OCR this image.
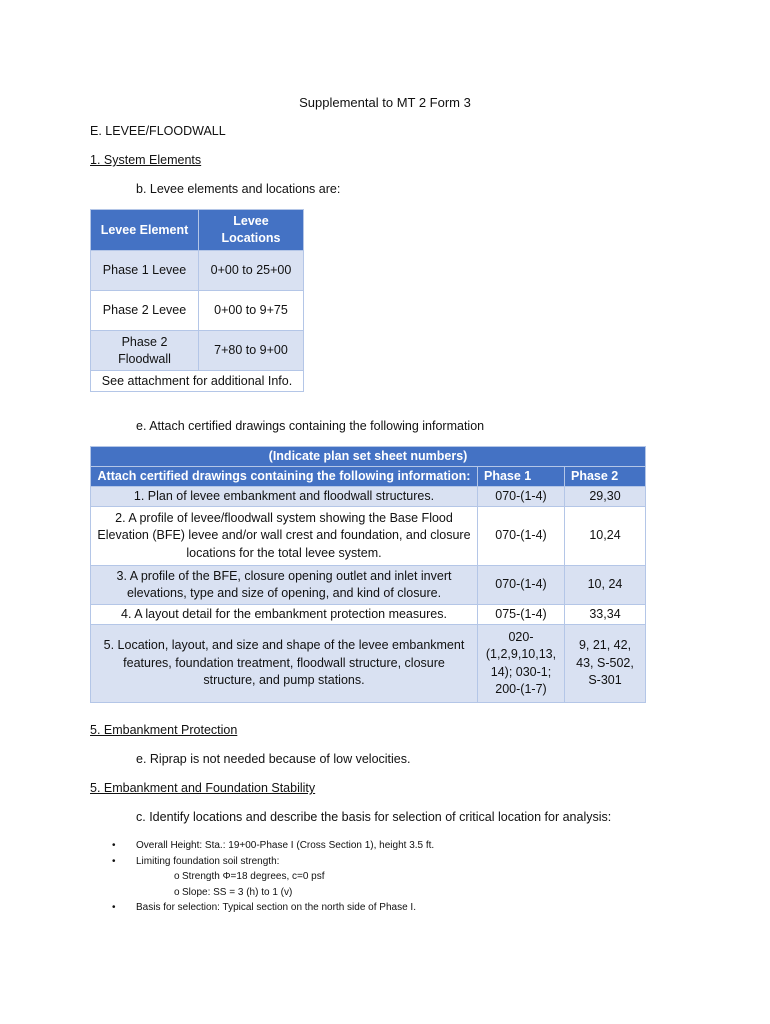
Supplemental to MT 2 Form 3
E. LEVEE/FLOODWALL
1. System Elements
b. Levee elements and locations are:
Levee Element	Levee Locations
Phase 1 Levee	0+00 to 25+00
Phase 2 Levee	0+00 to 9+75
Phase 2 Floodwall	7+80 to 9+00
See attachment for additional Info.	
e. Attach certified drawings containing the following information
(Indicate plan set sheet numbers)		
Attach certified drawings containing the following information:	Phase 1	Phase 2
1. Plan of levee embankment and floodwall structures.	070-(1-4)	29,30
2. A profile of levee/floodwall system showing the Base Flood Elevation (BFE) levee and/or wall crest and foundation, and closure locations for the total levee system.	070-(1-4)	10,24
3. A profile of the BFE, closure opening outlet and inlet invert elevations, type and size of opening, and kind of closure.	070-(1-4)	10, 24
4. A layout detail for the embankment protection measures.	075-(1-4)	33,34
5. Location, layout, and size and shape of the levee embankment features, foundation treatment, floodwall structure, closure structure, and pump stations.	020-(1,2,9,10,13, 14); 030-1; 200-(1-7)	9, 21, 42, 43, S-502, S-301
5. Embankment Protection
e. Riprap is not needed because of low velocities.
5. Embankment and Foundation Stability
c. Identify locations and describe the basis for selection of critical location for analysis:
• Overall Height: Sta.: 19+00-Phase I (Cross Section 1), height 3.5 ft.
• Limiting foundation soil strength:
o Strength Φ=18 degrees, c=0 psf
o Slope: SS = 3 (h) to 1 (v)
• Basis for selection: Typical section on the north side of Phase I.
